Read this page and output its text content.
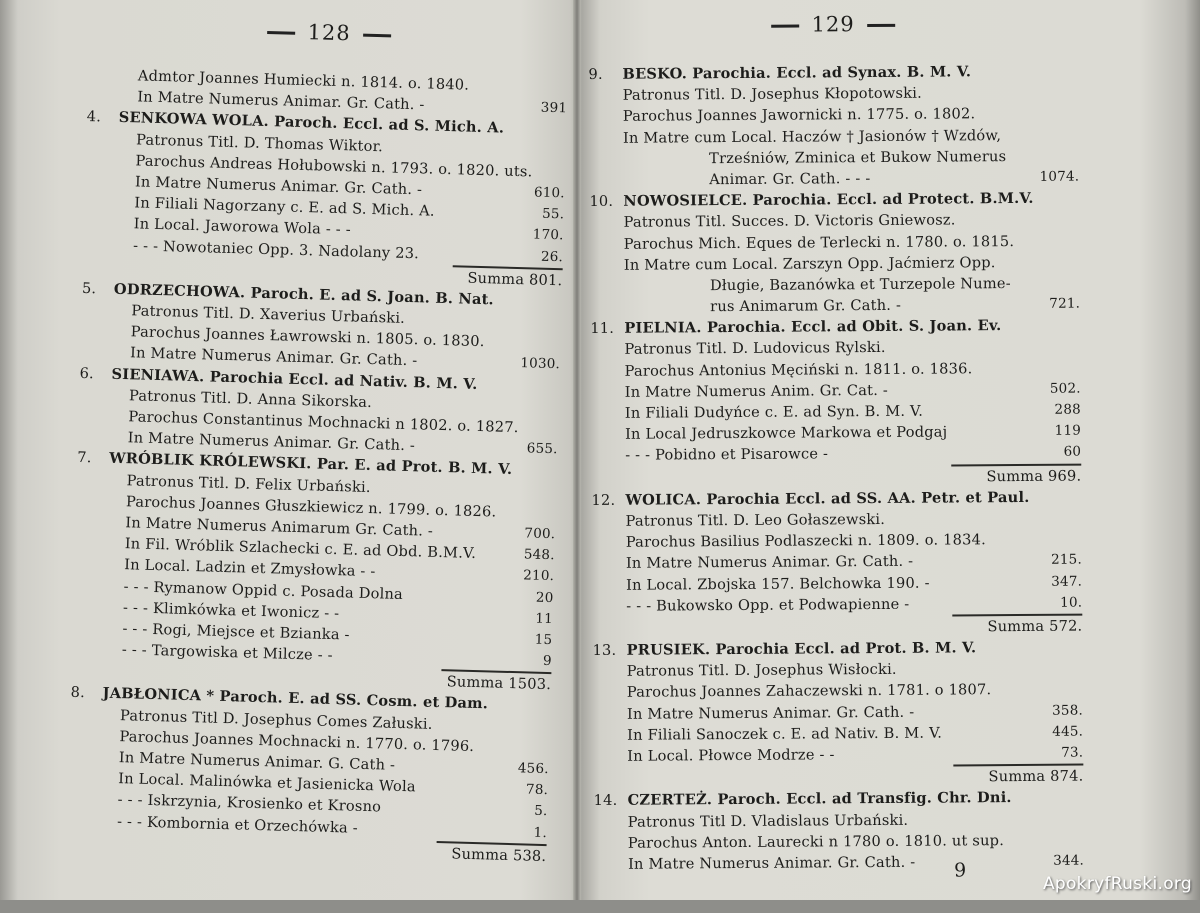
128
Admtor Joannes Humiecki n. 1814. o. 1840.
In Matre Numerus Animar. Gr. Cath. -	391
4. SENKOWA WOLA. Paroch. Eccl. ad S. Mich. A.
Patronus Titl. D. Thomas Wiktor.
Parochus Andreas Hołubowski n. 1793. o. 1820. uts.
In Matre Numerus Animar. Gr. Cath. -	610.
In Filiali Nagorzany c. E. ad S. Mich. A.	55.
In Local. Jaworowa Wola - - -	170.
- - - Nowotaniec Opp. 3. Nadolany 23.	26.
Summa 801.
5. ODRZECHOWA. Paroch. E. ad S. Joan. B. Nat.
Patronus Titl. D. Xaverius Urbański.
Parochus Joannes Ławrowski n. 1805. o. 1830.
In Matre Numerus Animar. Gr. Cath. -	1030.
6. SIENIAWA. Parochia Eccl. ad Nativ. B. M. V.
Patronus Titl. D. Anna Sikorska.
Parochus Constantinus Mochnacki n 1802. o. 1827.
In Matre Numerus Animar. Gr. Cath. -	655.
7. WRÓBLIK KRÓLEWSKI. Par. E. ad Prot. B. M. V.
Patronus Titl. D. Felix Urbański.
Parochus Joannes Głuszkiewicz n. 1799. o. 1826.
In Matre Numerus Animarum Gr. Cath. -	700.
In Fil. Wróblik Szlachecki c. E. ad Obd. B.M.V.	548.
In Local. Ladzin et Zmysłowka - -	210.
- - - Rymanow Oppid c. Posada Dolna	20
- - - Klimkówka et Iwonicz - -	11
- - - Rogi, Miejsce et Bzianka -	15
- - - Targowiska et Milcze - -	9
Summa 1503.
8. JABŁONICA * Paroch. E. ad SS. Cosm. et Dam.
Patronus Titl D. Josephus Comes Załuski.
Parochus Joannes Mochnacki n. 1770. o. 1796.
In Matre Numerus Animar. G. Cath -	456.
In Local. Malinówka et Jasienicka Wola	78.
- - - Iskrzynia, Krosienko et Krosno	5.
- - - Kombornia et Orzechówka -	1.
Summa 538.
129
9. BESKO. Parochia. Eccl. ad Synax. B. M. V.
Patronus Titl. D. Josephus Kłopotowski.
Parochus Joannes Jawornicki n. 1775. o. 1802.
In Matre cum Local. Haczów † Jasionów † Wzdów,
Trześniów, Zminica et Bukow Numerus
Animar. Gr. Cath. - - -	1074.
10. NOWOSIELCE. Parochia. Eccl. ad Protect. B.M.V.
Patronus Titl. Succes. D. Victoris Gniewosz.
Parochus Mich. Eques de Terlecki n. 1780. o. 1815.
In Matre cum Local. Zarszyn Opp. Jaćmierz Opp.
Długie, Bazanówka et Turzepole Nume-
rus Animarum Gr. Cath. -	721.
11. PIELNIA. Parochia. Eccl. ad Obit. S. Joan. Ev.
Patronus Titl. D. Ludovicus Rylski.
Parochus Antonius Męciński n. 1811. o. 1836.
In Matre Numerus Anim. Gr. Cat. -	502.
In Filiali Dudyńce c. E. ad Syn. B. M. V.	288
In Local Jedruszkowce Markowa et Podgaj	119
- - - Pobidno et Pisarowce -	60
Summa 969.
12. WOLICA. Parochia Eccl. ad SS. AA. Petr. et Paul.
Patronus Titl. D. Leo Gołaszewski.
Parochus Basilius Podlaszecki n. 1809. o. 1834.
In Matre Numerus Animar. Gr. Cath. -	215.
In Local. Zbojska 157. Belchowka 190. -	347.
- - - Bukowsko Opp. et Podwapienne -	10.
Summa 572.
13. PRUSIEK. Parochia Eccl. ad Prot. B. M. V.
Patronus Titl. D. Josephus Wisłocki.
Parochus Joannes Zahaczewski n. 1781. o 1807.
In Matre Numerus Animar. Gr. Cath. -	358.
In Filiali Sanoczek c. E. ad Nativ. B. M. V.	445.
In Local. Płowce Modrze - -	73.
Summa 874.
14. CZERTEŻ. Paroch. Eccl. ad Transfig. Chr. Dni.
Patronus Titl D. Vladislaus Urbański.
Parochus Anton. Laurecki n 1780 o. 1810. ut sup.
In Matre Numerus Animar. Gr. Cath. -	344.
9
ApokryfRuski.org
